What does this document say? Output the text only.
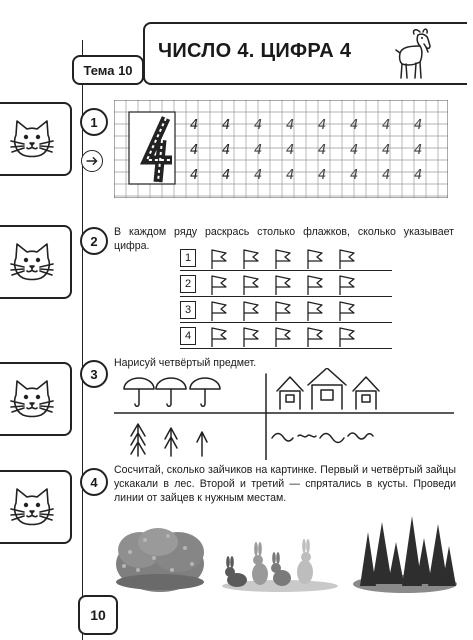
ЧИСЛО 4. ЦИФРА 4
Тема 10
1	4 4 4 4 4 4 4 4
4 4 4 4 4 4 4 4
4 4 4 4 4 4 4 4
2
В каждом ряду раскрась столько флажков, сколько указывает цифра.
1
2
3
4
3
Нарисуй четвёртый предмет.
4
Сосчитай, сколько зайчиков на картинке. Первый и четвёртый зайцы ускакали в лес. Второй и третий — спрятались в кусты. Проведи линии от зайцев к нужным местам.
10
